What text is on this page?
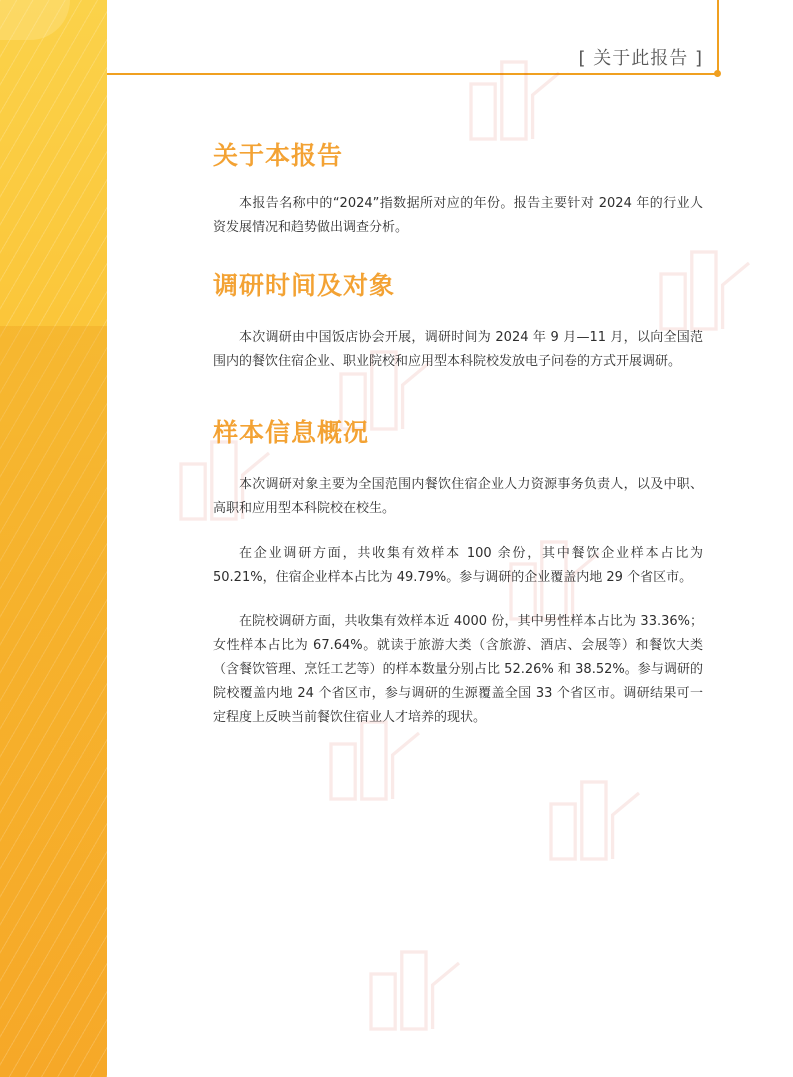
[ 关于此报告 ]
关于本报告

本报告名称中的“2024”指数据所对应的年份。报告主要针对 2024 年的行业人资发展情况和趋势做出调查分析。

调研时间及对象

本次调研由中国饭店协会开展，调研时间为 2024 年 9 月—11 月，以向全国范围内的餐饮住宿企业、职业院校和应用型本科院校发放电子问卷的方式开展调研。

样本信息概况

本次调研对象主要为全国范围内餐饮住宿企业人力资源事务负责人，以及中职、高职和应用型本科院校在校生。

在企业调研方面，共收集有效样本 100 余份，其中餐饮企业样本占比为 50.21%，住宿企业样本占比为 49.79%。参与调研的企业覆盖内地 29 个省区市。

在院校调研方面，共收集有效样本近 4000 份，其中男性样本占比为 33.36%；女性样本占比为 67.64%。就读于旅游大类（含旅游、酒店、会展等）和餐饮大类（含餐饮管理、烹饪工艺等）的样本数量分别占比 52.26% 和 38.52%。参与调研的院校覆盖内地 24 个省区市，参与调研的生源覆盖全国 33 个省区市。调研结果可一定程度上反映当前餐饮住宿业人才培养的现状。
